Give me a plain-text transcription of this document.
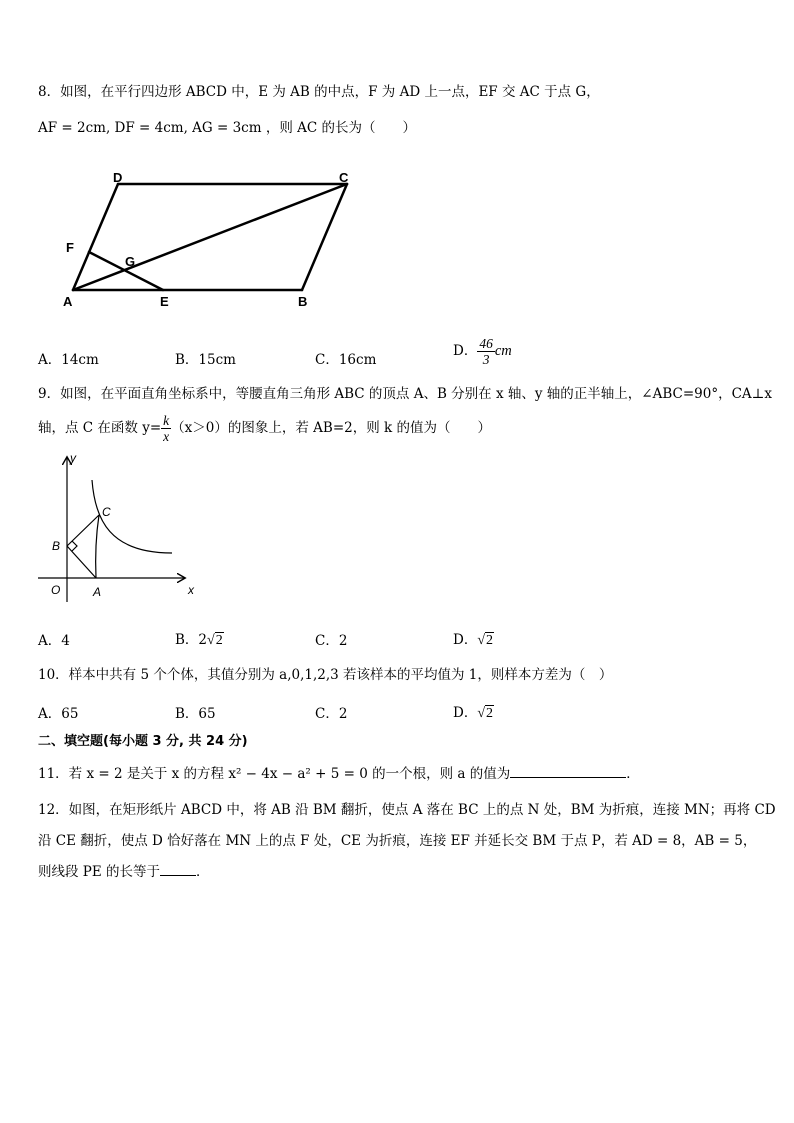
8．如图，在平行四边形 ABCD 中，E 为 AB 的中点，F 为 AD 上一点，EF 交 AC 于点 G，
AF = 2cm, DF = 4cm, AG = 3cm ，则 AC 的长为（　　）
D	C
F
G
A	E	B
A．14cm	B．15cm	C．16cm
D． $\frac{46}{3}$ cm
9．如图，在平面直角坐标系中，等腰直角三角形 ABC 的顶点 A、B 分别在 x 轴、y 轴的正半轴上，∠ABC=90°，CA⊥x
轴，点 C 在函数 $y= \frac{k}{x} (x>0)$的图象上，若 AB=2，则 k 的值为（　　）
y
x
O	A
B
C
A．4	B．2√2	C．2	D．√2
10．样本中共有 5 个个体，其值分别为 a,0,1,2,3 若该样本的平均值为 1，则样本方差为（　）
A．65	B．65	C．2	D．√2
二、填空题(每小题 3 分, 共 24 分)
11．若 x = 2 是关于 x 的方程 x² − 4x − a² + 5 = 0 的一个根，则 a 的值为	．
12．如图，在矩形纸片 ABCD 中，将 AB 沿 BM 翻折，使点 A 落在 BC 上的点 N 处，BM 为折痕，连接 MN；再将 CD
沿 CE 翻折，使点 D 恰好落在 MN 上的点 F 处，CE 为折痕，连接 EF 并延长交 BM 于点 P，若 AD = 8，AB = 5，
则线段 PE 的长等于	．
